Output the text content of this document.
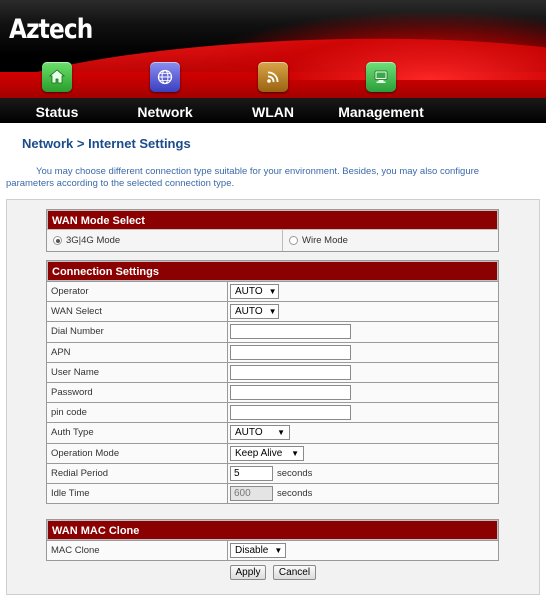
Aztech
Status	Network	WLAN	Management
Network > Internet Settings
You may choose different connection type suitable for your environment. Besides, you may also configure parameters according to the selected connection type.
WAN Mode Select
3G|4G Mode	Wire Mode
Connection Settings
Operator	AUTO ▼
WAN Select	AUTO ▼
Dial Number
APN
User Name
Password
pin code
Auth Type	AUTO ▼
Operation Mode	Keep Alive ▼
Redial Period	5	seconds
Idle Time	600	seconds
WAN MAC Clone
MAC Clone	Disable ▼
Apply	Cancel
